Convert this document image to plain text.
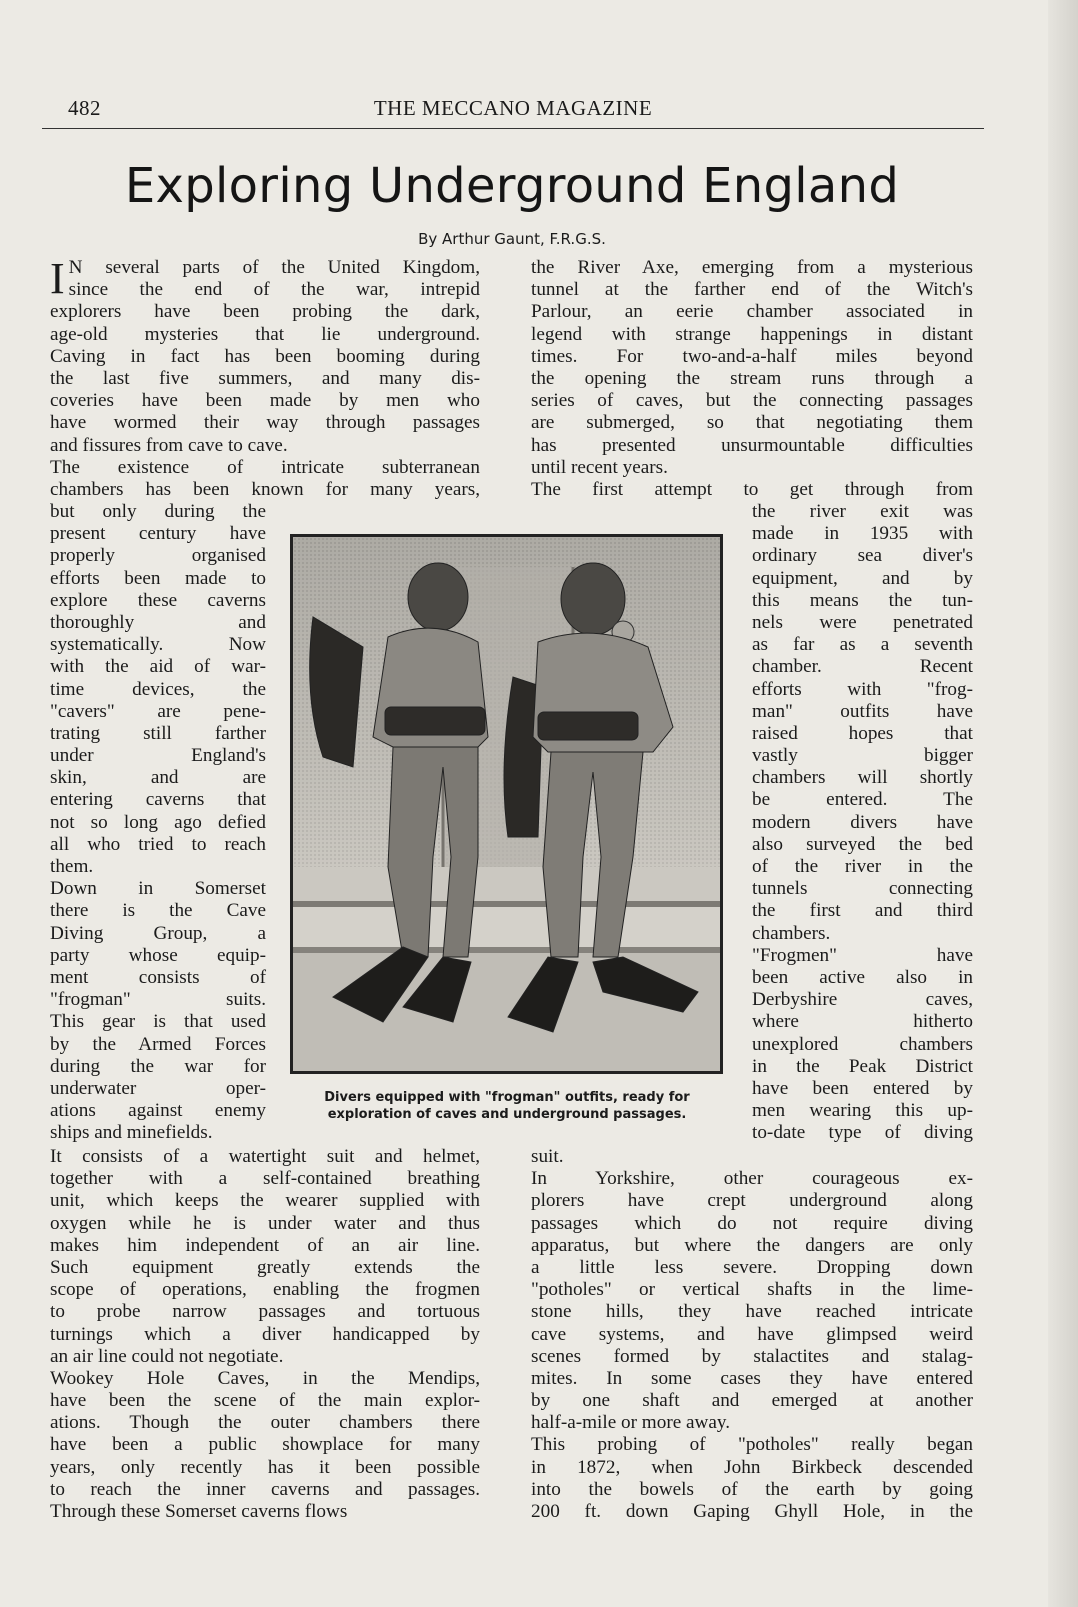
482	THE MECCANO MAGAZINE
Exploring Underground England
By Arthur Gaunt, F.R.G.S.
I N several parts of the United Kingdom,
since the end of the war, intrepid
explorers have been probing the dark,
age-old mysteries that lie underground.
Caving in fact has been booming during
the last five summers, and many dis-
coveries have been made by men who
have wormed their way through passages
and fissures from cave to cave.
The existence of intricate subterranean
chambers has been known for many years,
but only during the
present century have
properly organised
efforts been made to
explore these caverns
thoroughly and
systematically. Now
with the aid of war-
time devices, the
"cavers" are pene-
trating still farther
under England's
skin, and are
entering caverns that
not so long ago defied
all who tried to reach
them.
Down in Somerset
there is the Cave
Diving Group, a
party whose equip-
ment consists of
"frogman" suits.
This gear is that used
by the Armed Forces
during the war for
underwater oper-
ations against enemy
ships and minefields.
It consists of a watertight suit and helmet,
together with a self-contained breathing
unit, which keeps the wearer supplied with
oxygen while he is under water and thus
makes him independent of an air line.
Such equipment greatly extends the
scope of operations, enabling the frogmen
to probe narrow passages and tortuous
turnings which a diver handicapped by
an air line could not negotiate.
Wookey Hole Caves, in the Mendips,
have been the scene of the main explor-
ations. Though the outer chambers there
have been a public showplace for many
years, only recently has it been possible
to reach the inner caverns and passages.
Through these Somerset caverns flows
the River Axe, emerging from a mysterious
tunnel at the farther end of the Witch's
Parlour, an eerie chamber associated in
legend with strange happenings in distant
times. For two-and-a-half miles beyond
the opening the stream runs through a
series of caves, but the connecting passages
are submerged, so that negotiating them
has presented unsurmountable difficulties
until recent years.
The first attempt to get through from
the river exit was
made in 1935 with
ordinary sea diver's
equipment, and by
this means the tun-
nels were penetrated
as far as a seventh
chamber. Recent
efforts with "frog-
man" outfits have
raised hopes that
vastly bigger
chambers will shortly
be entered. The
modern divers have
also surveyed the bed
of the river in the
tunnels connecting
the first and third
chambers.
"Frogmen" have
been active also in
Derbyshire caves,
where hitherto
unexplored chambers
in the Peak District
have been entered by
men wearing this up-
to-date type of diving
suit.
In Yorkshire, other courageous ex-
plorers have crept underground along
passages which do not require diving
apparatus, but where the dangers are only
a little less severe. Dropping down
"potholes" or vertical shafts in the lime-
stone hills, they have reached intricate
cave systems, and have glimpsed weird
scenes formed by stalactites and stalag-
mites. In some cases they have entered
by one shaft and emerged at another
half-a-mile or more away.
This probing of "potholes" really began
in 1872, when John Birkbeck descended
into the bowels of the earth by going
200 ft. down Gaping Ghyll Hole, in the
Divers equipped with "frogman" outfits, ready for
exploration of caves and underground passages.
